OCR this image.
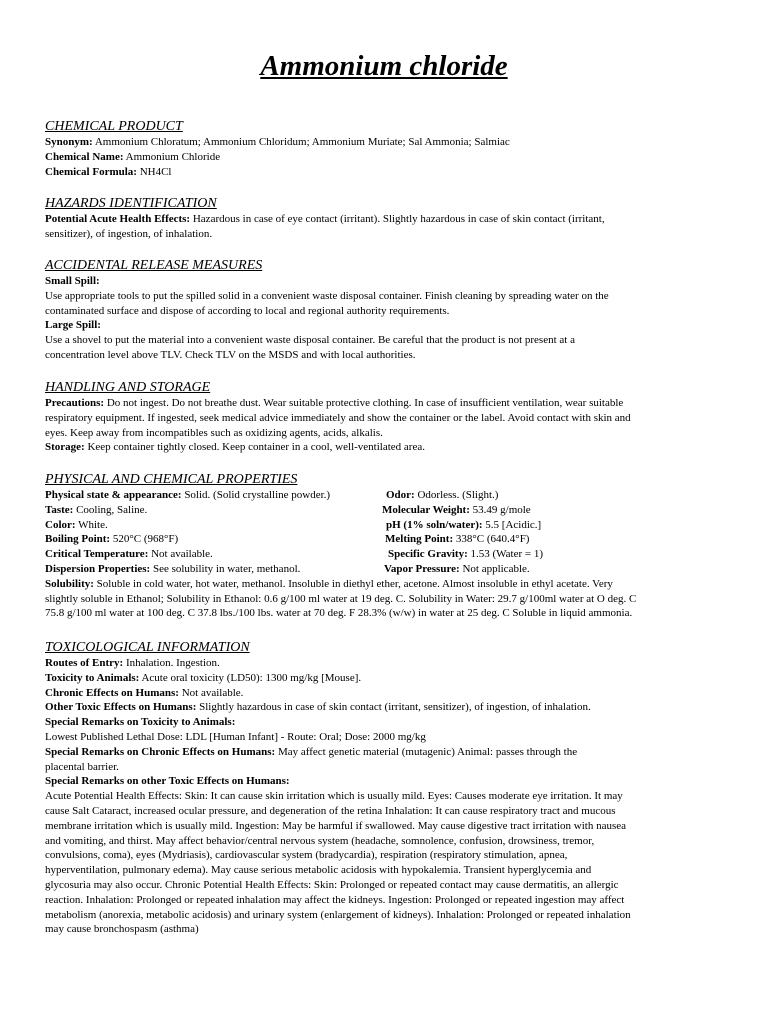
Ammonium chloride
CHEMICAL PRODUCT
Synonym: Ammonium Chloratum; Ammonium Chloridum; Ammonium Muriate; Sal Ammonia; Salmiac
Chemical Name: Ammonium Chloride
Chemical Formula: NH4Cl
HAZARDS IDENTIFICATION
Potential Acute Health Effects: Hazardous in case of eye contact (irritant). Slightly hazardous in case of skin contact (irritant,
sensitizer), of ingestion, of inhalation.
ACCIDENTAL RELEASE MEASURES
Small Spill:
Use appropriate tools to put the spilled solid in a convenient waste disposal container. Finish cleaning by spreading water on the
contaminated surface and dispose of according to local and regional authority requirements.
Large Spill:
Use a shovel to put the material into a convenient waste disposal container. Be careful that the product is not present at a
concentration level above TLV. Check TLV on the MSDS and with local authorities.
HANDLING AND STORAGE
Precautions: Do not ingest. Do not breathe dust. Wear suitable protective clothing. In case of insufficient ventilation, wear suitable
respiratory equipment. If ingested, seek medical advice immediately and show the container or the label. Avoid contact with skin and
eyes. Keep away from incompatibles such as oxidizing agents, acids, alkalis.
Storage: Keep container tightly closed. Keep container in a cool, well-ventilated area.
PHYSICAL AND CHEMICAL PROPERTIES
Physical state & appearance: Solid. (Solid crystalline powder.)	Odor: Odorless. (Slight.)
Taste: Cooling, Saline.	Molecular Weight: 53.49 g/mole
Color: White.	pH (1% soln/water): 5.5 [Acidic.]
Boiling Point: 520°C (968°F)	Melting Point: 338°C (640.4°F)
Critical Temperature: Not available.	Specific Gravity: 1.53 (Water = 1)
Dispersion Properties: See solubility in water, methanol.	Vapor Pressure: Not applicable.
Solubility: Soluble in cold water, hot water, methanol. Insoluble in diethyl ether, acetone. Almost insoluble in ethyl acetate. Very
slightly soluble in Ethanol; Solubility in Ethanol: 0.6 g/100 ml water at 19 deg. C. Solubility in Water: 29.7 g/100ml water at O deg. C
75.8 g/100 ml water at 100 deg. C 37.8 lbs./100 lbs. water at 70 deg. F 28.3% (w/w) in water at 25 deg. C Soluble in liquid ammonia.
TOXICOLOGICAL INFORMATION
Routes of Entry: Inhalation. Ingestion.
Toxicity to Animals: Acute oral toxicity (LD50): 1300 mg/kg [Mouse].
Chronic Effects on Humans: Not available.
Other Toxic Effects on Humans: Slightly hazardous in case of skin contact (irritant, sensitizer), of ingestion, of inhalation.
Special Remarks on Toxicity to Animals:
Lowest Published Lethal Dose: LDL [Human Infant] - Route: Oral; Dose: 2000 mg/kg
Special Remarks on Chronic Effects on Humans: May affect genetic material (mutagenic) Animal: passes through the
placental barrier.
Special Remarks on other Toxic Effects on Humans:
Acute Potential Health Effects: Skin: It can cause skin irritation which is usually mild. Eyes: Causes moderate eye irritation. It may
cause Salt Cataract, increased ocular pressure, and degeneration of the retina Inhalation: It can cause respiratory tract and mucous
membrane irritation which is usually mild. Ingestion: May be harmful if swallowed. May cause digestive tract irritation with nausea
and vomiting, and thirst. May affect behavior/central nervous system (headache, somnolence, confusion, drowsiness, tremor,
convulsions, coma), eyes (Mydriasis), cardiovascular system (bradycardia), respiration (respiratory stimulation, apnea,
hyperventilation, pulmonary edema). May cause serious metabolic acidosis with hypokalemia. Transient hyperglycemia and
glycosuria may also occur. Chronic Potential Health Effects: Skin: Prolonged or repeated contact may cause dermatitis, an allergic
reaction. Inhalation: Prolonged or repeated inhalation may affect the kidneys. Ingestion: Prolonged or repeated ingestion may affect
metabolism (anorexia, metabolic acidosis) and urinary system (enlargement of kidneys). Inhalation: Prolonged or repeated inhalation
may cause bronchospasm (asthma)
